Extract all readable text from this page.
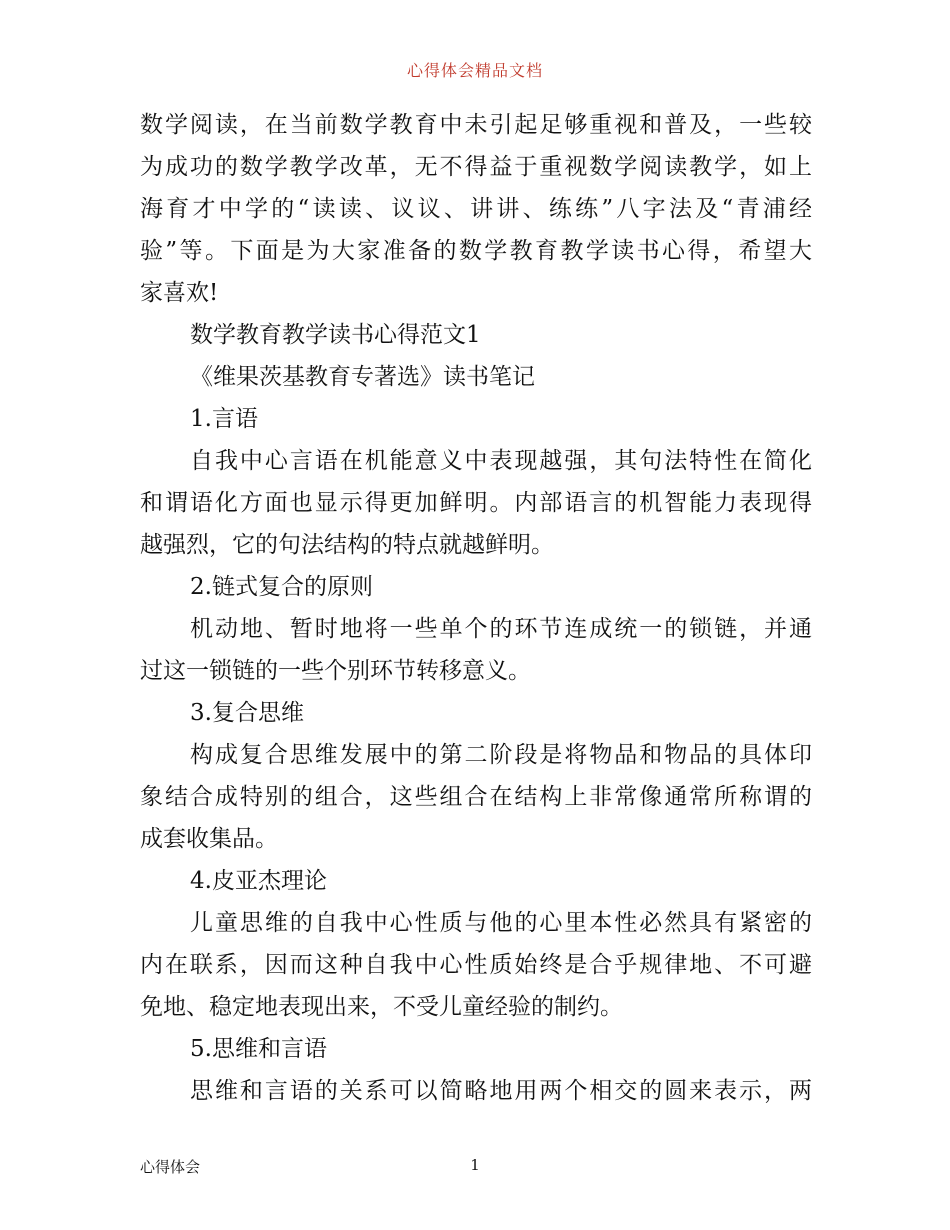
心得体会精品文档
数学阅读，在当前数学教育中未引起足够重视和普及，一些较
为成功的数学教学改革，无不得益于重视数学阅读教学，如上
海育才中学的“读读、议议、讲讲、练练”八字法及“青浦经
验”等。下面是为大家准备的数学教育教学读书心得，希望大
家喜欢!
数学教育教学读书心得范文1
《维果茨基教育专著选》读书笔记
1.言语
自我中心言语在机能意义中表现越强，其句法特性在简化
和谓语化方面也显示得更加鲜明。内部语言的机智能力表现得
越强烈，它的句法结构的特点就越鲜明。
2.链式复合的原则
机动地、暂时地将一些单个的环节连成统一的锁链，并通
过这一锁链的一些个别环节转移意义。
3.复合思维
构成复合思维发展中的第二阶段是将物品和物品的具体印
象结合成特别的组合，这些组合在结构上非常像通常所称谓的
成套收集品。
4.皮亚杰理论
儿童思维的自我中心性质与他的心里本性必然具有紧密的
内在联系，因而这种自我中心性质始终是合乎规律地、不可避
免地、稳定地表现出来，不受儿童经验的制约。
5.思维和言语
思维和言语的关系可以简略地用两个相交的圆来表示，两
心得体会	1
